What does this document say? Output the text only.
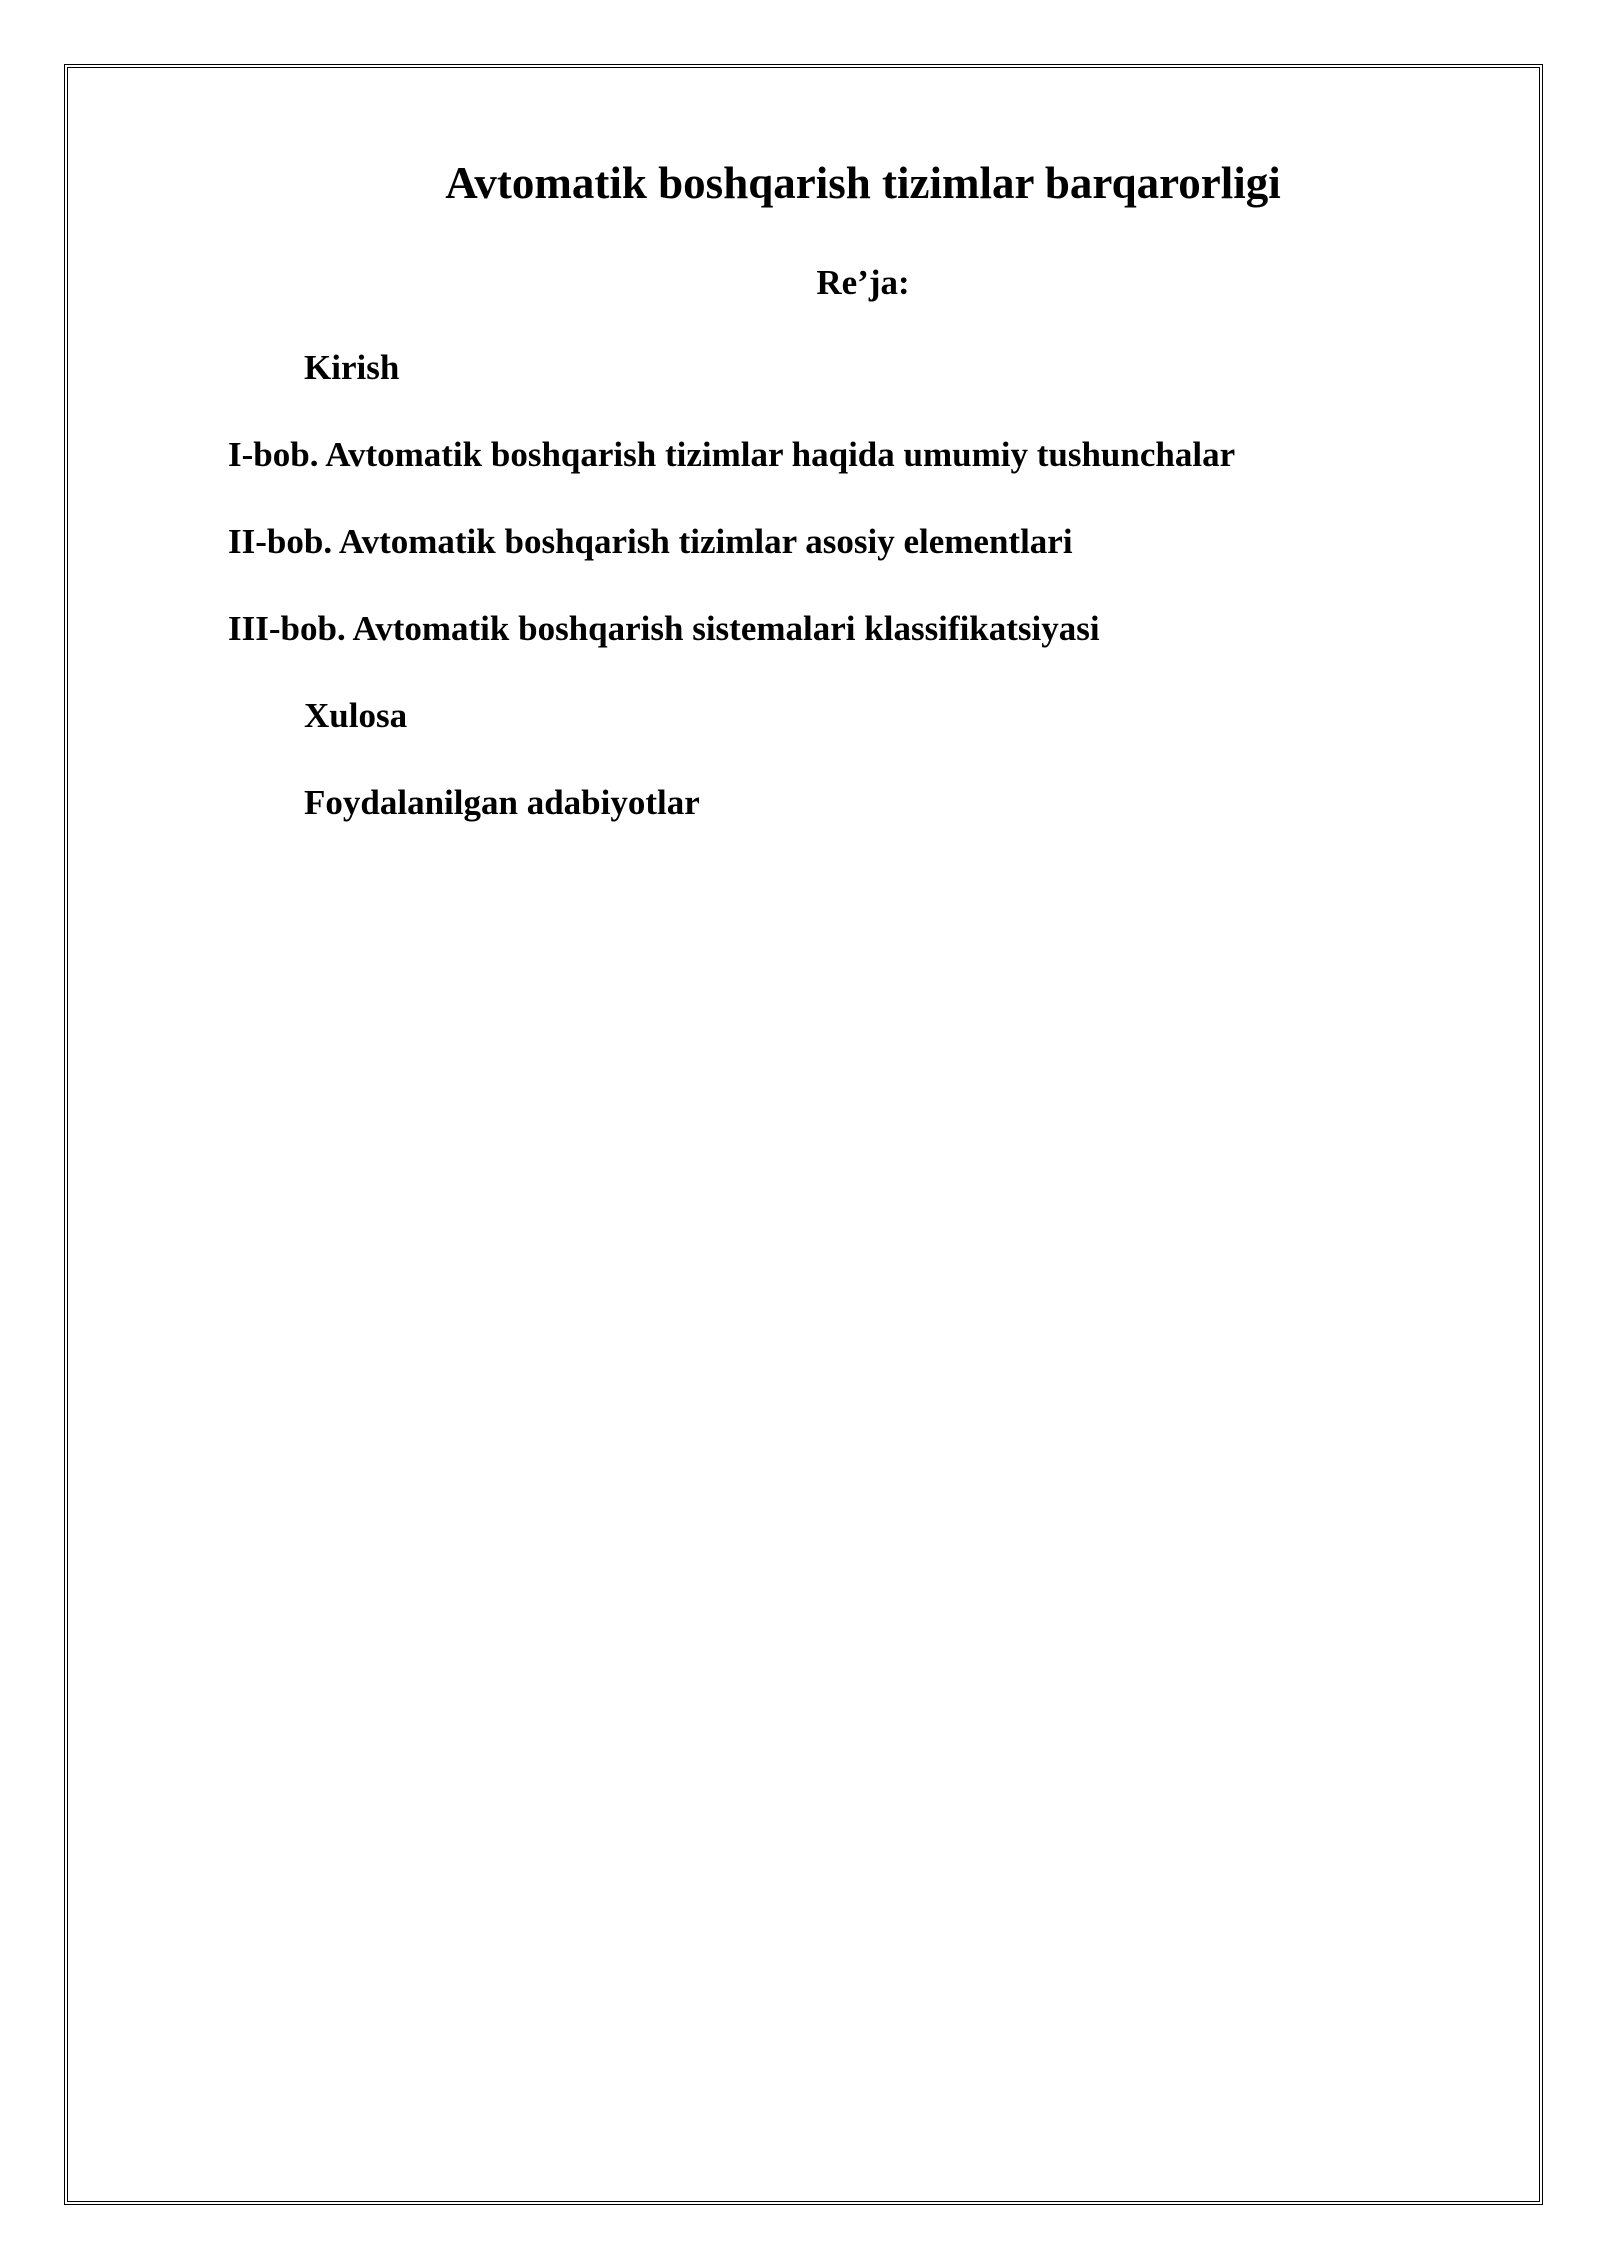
Avtomatik boshqarish tizimlar barqarorligi
Re’ja:
Kirish
I-bob. Avtomatik boshqarish tizimlar haqida umumiy tushunchalar
II-bob. Avtomatik boshqarish tizimlar asosiy elementlari
III-bob. Avtomatik boshqarish sistemalari klassifikatsiyasi
Xulosa
Foydalanilgan adabiyotlar
